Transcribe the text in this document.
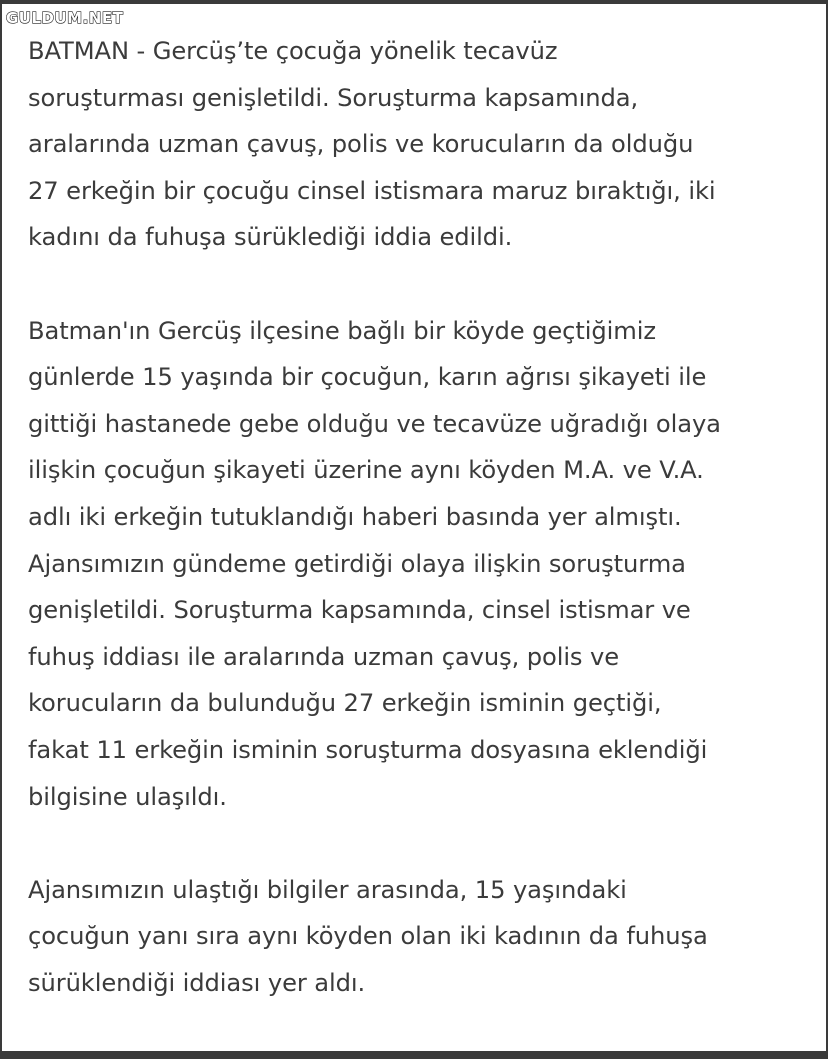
GULDUM.NET

BATMAN - Gercüş’te çocuğa yönelik tecavüz
soruşturması genişletildi. Soruşturma kapsamında,
aralarında uzman çavuş, polis ve korucuların da olduğu
27 erkeğin bir çocuğu cinsel istismara maruz bıraktığı, iki
kadını da fuhuşa sürüklediği iddia edildi.

Batman'ın Gercüş ilçesine bağlı bir köyde geçtiğimiz
günlerde 15 yaşında bir çocuğun, karın ağrısı şikayeti ile
gittiği hastanede gebe olduğu ve tecavüze uğradığı olaya
ilişkin çocuğun şikayeti üzerine aynı köyden M.A. ve V.A.
adlı iki erkeğin tutuklandığı haberi basında yer almıştı.
Ajansımızın gündeme getirdiği olaya ilişkin soruşturma
genişletildi. Soruşturma kapsamında, cinsel istismar ve
fuhuş iddiası ile aralarında uzman çavuş, polis ve
korucuların da bulunduğu 27 erkeğin isminin geçtiği,
fakat 11 erkeğin isminin soruşturma dosyasına eklendiği
bilgisine ulaşıldı.

Ajansımızın ulaştığı bilgiler arasında, 15 yaşındaki
çocuğun yanı sıra aynı köyden olan iki kadının da fuhuşa
sürüklendiği iddiası yer aldı.
